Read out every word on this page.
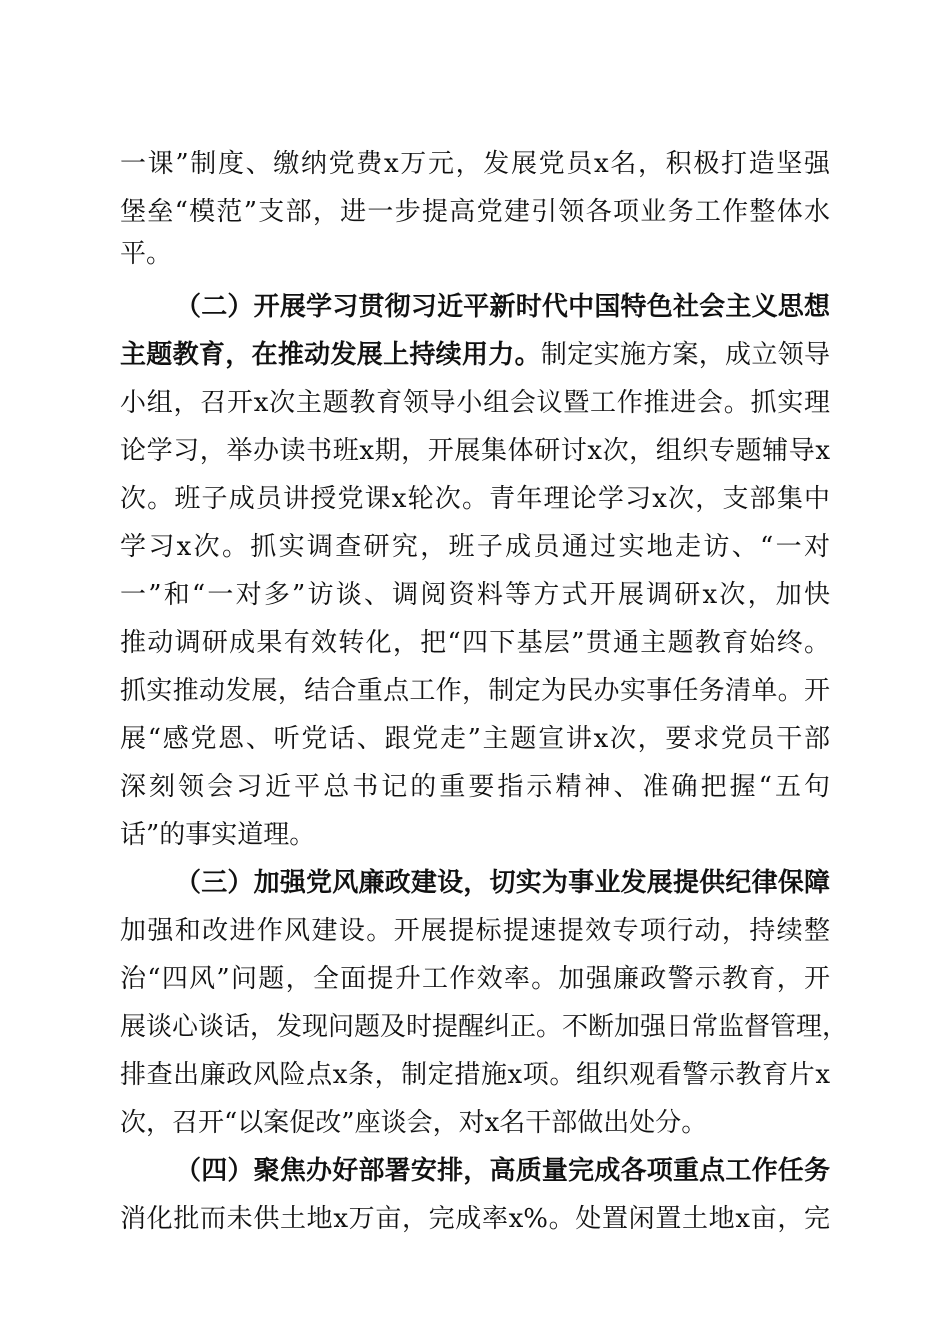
一课”制度、缴纳党费x万元，发展党员x名，积极打造坚强
堡垒“模范”支部，进一步提高党建引领各项业务工作整体水
平。
（二）开展学习贯彻习近平新时代中国特色社会主义思想
主题教育，在推动发展上持续用力。制定实施方案，成立领导
小组，召开x次主题教育领导小组会议暨工作推进会。抓实理
论学习，举办读书班x期，开展集体研讨x次，组织专题辅导x
次。班子成员讲授党课x轮次。青年理论学习x次，支部集中
学习x次。抓实调查研究，班子成员通过实地走访、“一对
一”和“一对多”访谈、调阅资料等方式开展调研x次，加快
推动调研成果有效转化，把“四下基层”贯通主题教育始终。
抓实推动发展，结合重点工作，制定为民办实事任务清单。开
展“感党恩、听党话、跟党走”主题宣讲x次，要求党员干部
深刻领会习近平总书记的重要指示精神、准确把握“五句
话”的事实道理。
（三）加强党风廉政建设，切实为事业发展提供纪律保障
加强和改进作风建设。开展提标提速提效专项行动，持续整
治“四风”问题，全面提升工作效率。加强廉政警示教育，开
展谈心谈话，发现问题及时提醒纠正。不断加强日常监督管理，
排查出廉政风险点x条，制定措施x项。组织观看警示教育片x
次，召开“以案促改”座谈会，对x名干部做出处分。
（四）聚焦办好部署安排，高质量完成各项重点工作任务
消化批而未供土地x万亩，完成率x%。处置闲置土地x亩，完
